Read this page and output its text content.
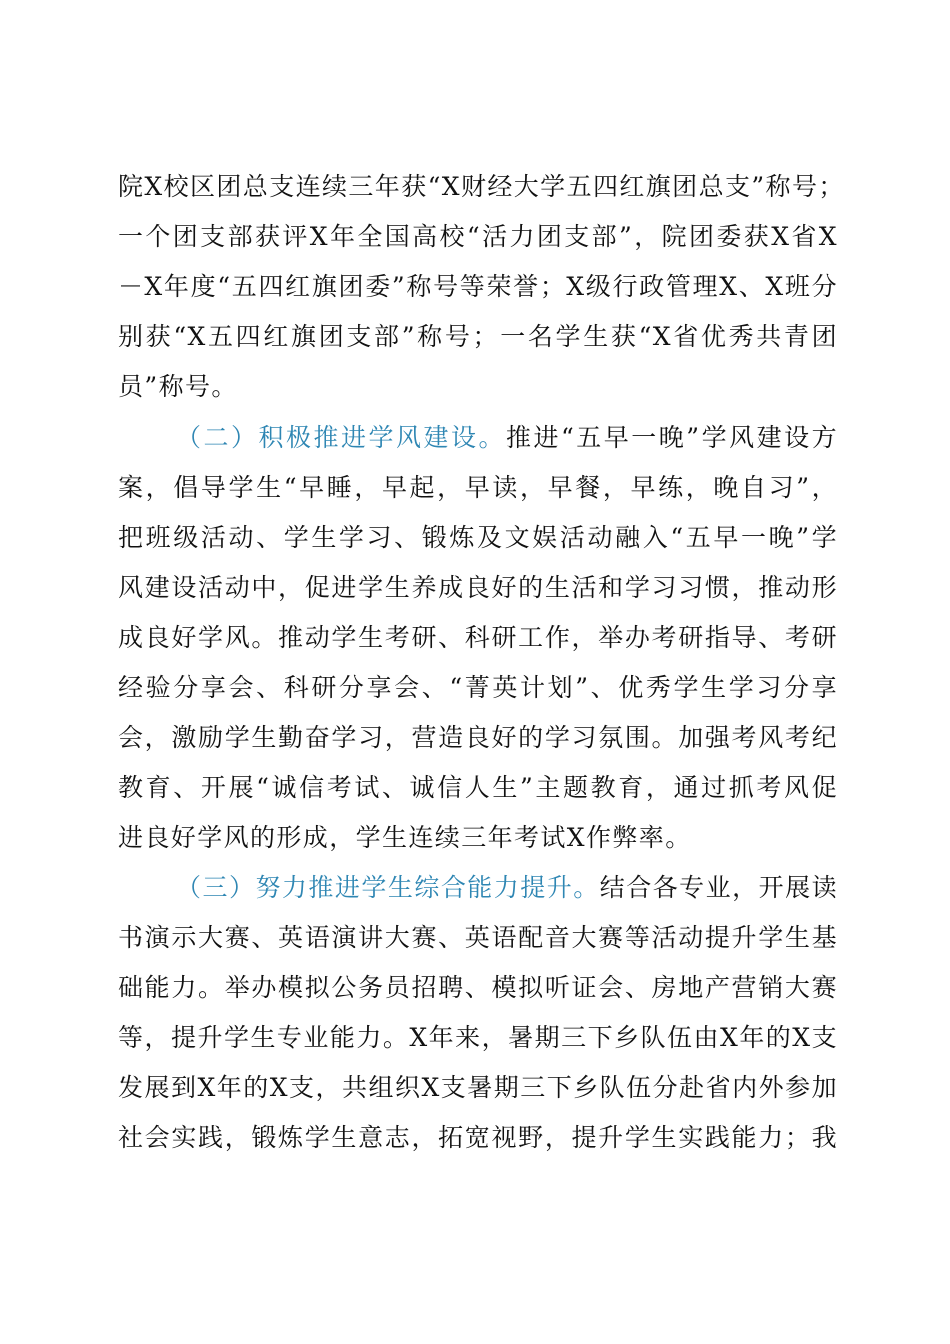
院X校区团总支连续三年获“X财经大学五四红旗团总支”称号；
一个团支部获评X年全国高校“活力团支部”，院团委获X省X
－X年度“五四红旗团委”称号等荣誉；X级行政管理X、X班分
别获“X五四红旗团支部”称号；一名学生获“X省优秀共青团
员”称号。
（二）积极推进学风建设。推进“五早一晚”学风建设方
案，倡导学生“早睡，早起，早读，早餐，早练，晚自习”，
把班级活动、学生学习、锻炼及文娱活动融入“五早一晚”学
风建设活动中，促进学生养成良好的生活和学习习惯，推动形
成良好学风。推动学生考研、科研工作，举办考研指导、考研
经验分享会、科研分享会、“菁英计划”、优秀学生学习分享
会，激励学生勤奋学习，营造良好的学习氛围。加强考风考纪
教育、开展“诚信考试、诚信人生”主题教育，通过抓考风促
进良好学风的形成，学生连续三年考试X作弊率。
（三）努力推进学生综合能力提升。结合各专业，开展读
书演示大赛、英语演讲大赛、英语配音大赛等活动提升学生基
础能力。举办模拟公务员招聘、模拟听证会、房地产营销大赛
等，提升学生专业能力。X年来，暑期三下乡队伍由X年的X支
发展到X年的X支，共组织X支暑期三下乡队伍分赴省内外参加
社会实践，锻炼学生意志，拓宽视野，提升学生实践能力；我
